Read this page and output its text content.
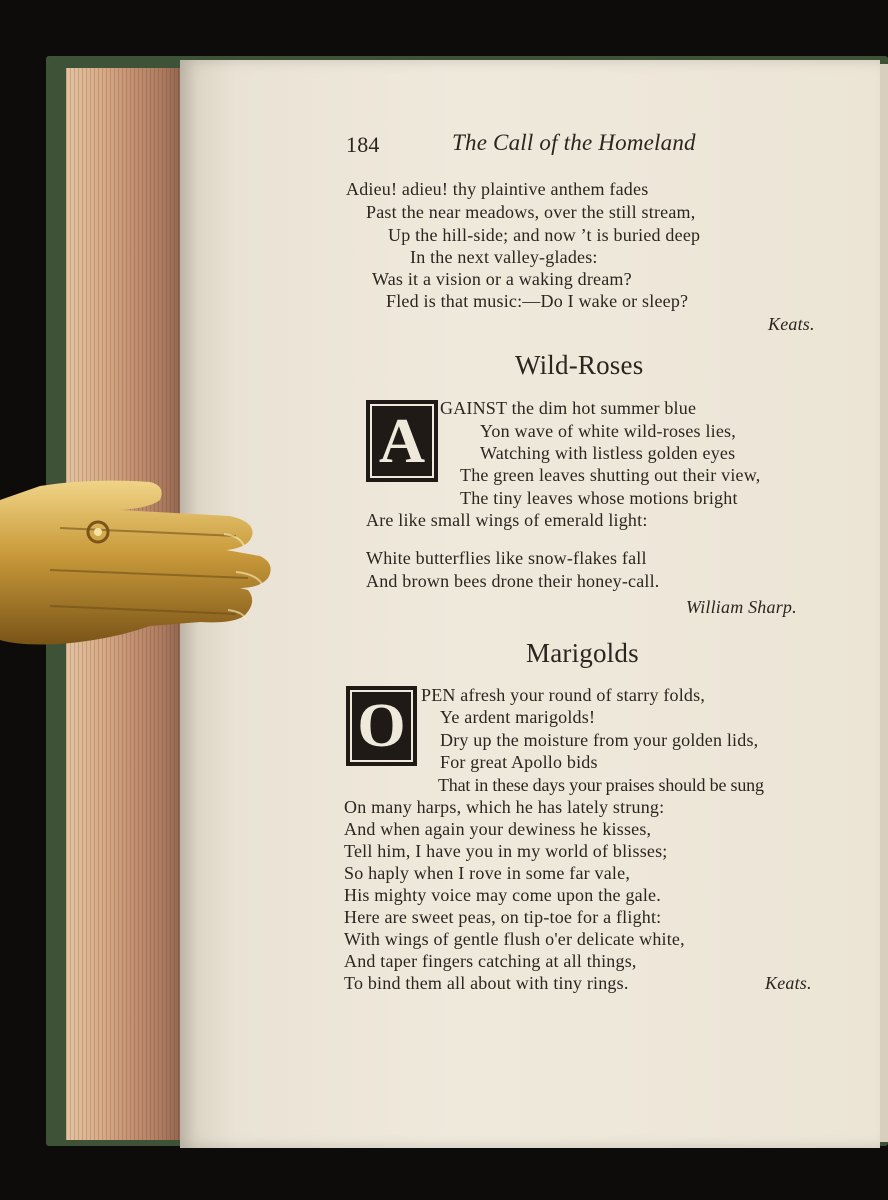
184	The Call of the Homeland
Adieu! adieu! thy plaintive anthem fades
Past the near meadows, over the still stream,
Up the hill-side; and now ’t is buried deep
In the next valley-glades:
Was it a vision or a waking dream?
Fled is that music:—Do I wake or sleep?
Keats.
Wild-Roses
A GAINST the dim hot summer blue
Yon wave of white wild-roses lies,
Watching with listless golden eyes
The green leaves shutting out their view,
The tiny leaves whose motions bright
Are like small wings of emerald light:
White butterflies like snow-flakes fall
And brown bees drone their honey-call.
William Sharp.
Marigolds
O PEN afresh your round of starry folds,
Ye ardent marigolds!
Dry up the moisture from your golden lids,
For great Apollo bids
That in these days your praises should be sung
On many harps, which he has lately strung:
And when again your dewiness he kisses,
Tell him, I have you in my world of blisses;
So haply when I rove in some far vale,
His mighty voice may come upon the gale.
Here are sweet peas, on tip-toe for a flight:
With wings of gentle flush o'er delicate white,
And taper fingers catching at all things,
To bind them all about with tiny rings.	Keats.
